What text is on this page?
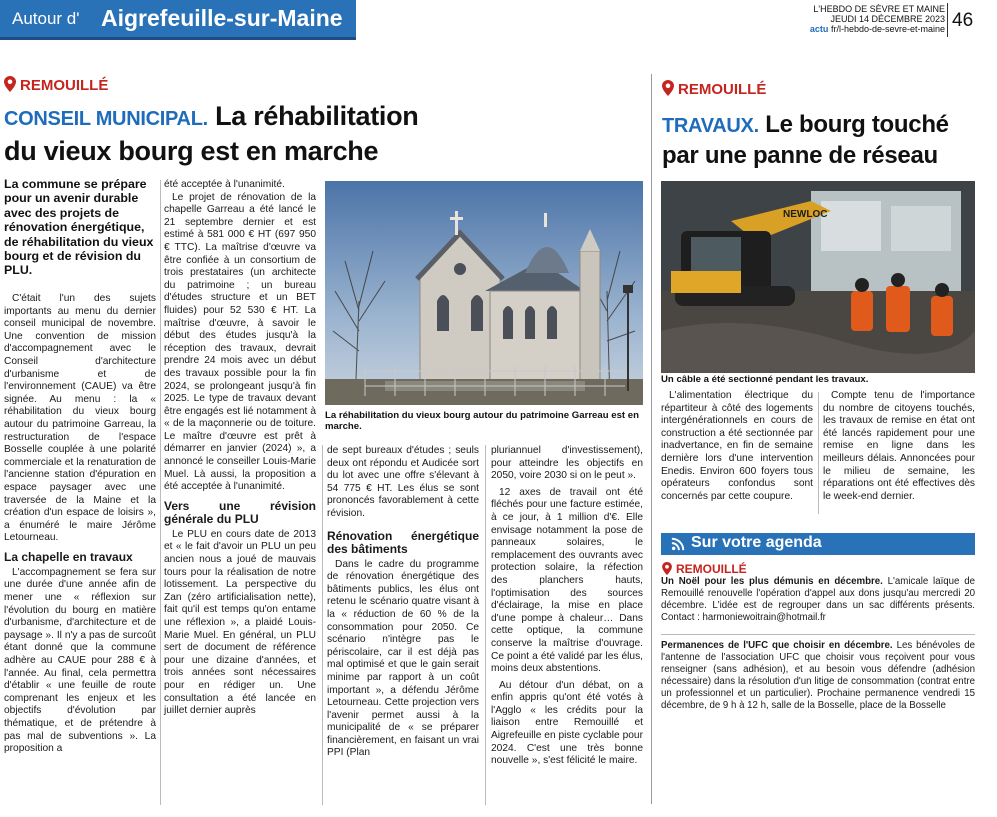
Autour d' Aigrefeuille-sur-Maine	L'HEBDO DE SÈVRE ET MAINE
JEUDI 14 DÉCEMBRE 2023
actu fr/l-hebdo-de-sevre-et-maine 46
REMOUILLÉ
CONSEIL MUNICIPAL. La réhabilitation
du vieux bourg est en marche
La commune se prépare pour un avenir durable avec des projets de rénovation énergétique, de réhabilitation du vieux bourg et de révision du PLU.

C'était l'un des sujets importants au menu du dernier conseil municipal de novembre. Une convention de mission d'accompagnement avec le Conseil d'architecture d'urbanisme et de l'environnement (CAUE) va être signée. Au menu : la « réhabilitation du vieux bourg autour du patrimoine Garreau, la restructuration de l'espace Bosselle couplée à une polarité commerciale et la renaturation de l'ancienne station d'épuration en espace paysager avec une traversée de la Maine et la création d'un espace de loisirs », a énuméré le maire Jérôme Letourneau.

La chapelle en travaux

L'accompagnement se fera sur une durée d'une année afin de mener une « réflexion sur l'évolution du bourg en matière d'urbanisme, d'architecture et de paysage ». Il n'y a pas de surcoût étant donné que la commune adhère au CAUE pour 288 € à l'année. Au final, cela permettra d'établir « une feuille de route comprenant les enjeux et les objectifs d'évolution par thématique, et de prétendre à pas mal de subventions ». La proposition a

été acceptée à l'unanimité.

Le projet de rénovation de la chapelle Garreau a été lancé le 21 septembre dernier et est estimé à 581 000 € HT (697 950 € TTC). La maîtrise d'œuvre va être confiée à un consortium de trois prestataires (un architecte du patrimoine ; un bureau d'études structure et un BET fluides) pour 52 530 € HT. La maîtrise d'œuvre, à savoir le début des études jusqu'à la réception des travaux, devrait prendre 24 mois avec un début des travaux possible pour la fin 2024, se prolongeant jusqu'à fin 2025. Le type de travaux devant être engagés est lié notamment à « de la maçonnerie ou de toiture. Le maître d'œuvre est prêt à démarrer en janvier (2024) », a annoncé le conseiller Louis-Marie Muel. Là aussi, la proposition a été acceptée à l'unanimité.

Vers une révision générale du PLU

Le PLU en cours date de 2013 et « le fait d'avoir un PLU un peu ancien nous a joué de mauvais tours pour la réalisation de notre lotissement. La perspective du Zan (zéro artificialisation nette), fait qu'il est temps qu'on entame une réflexion », a plaidé Louis-Marie Muel. En général, un PLU sert de document de référence pour une dizaine d'années, et trois années sont nécessaires pour en rédiger un. Une consultation a été lancée en juillet dernier auprès

La réhabilitation du vieux bourg autour du patrimoine Garreau est en marche.

de sept bureaux d'études ; seuls deux ont répondu et Audicée sort du lot avec une offre s'élevant à 54 775 € HT. Les élus se sont prononcés favorablement à cette révision.

Rénovation énergétique des bâtiments

Dans le cadre du programme de rénovation énergétique des bâtiments publics, les élus ont retenu le scénario quatre visant à la « réduction de 60 % de la consommation pour 2050. Ce scénario n'intègre pas le périscolaire, car il est déjà pas mal optimisé et que le gain serait minime par rapport à un coût important », a défendu Jérôme Letourneau. Cette projection vers l'avenir permet aussi à la municipalité de « se préparer financièrement, en faisant un vrai PPI (Plan

pluriannuel d'investissement), pour atteindre les objectifs en 2050, voire 2030 si on le peut ».

12 axes de travail ont été fléchés pour une facture estimée, à ce jour, à 1 million d'€. Elle envisage notamment la pose de panneaux solaires, le remplacement des ouvrants avec protection solaire, la réfection des planchers hauts, l'optimisation des sources d'éclairage, la mise en place d'une pompe à chaleur… Dans cette optique, la commune conserve la maîtrise d'ouvrage. Ce point a été validé par les élus, moins deux abstentions.

Au détour d'un débat, on a enfin appris qu'ont été votés à l'Agglo « les crédits pour la liaison entre Remouillé et Aigrefeuille en piste cyclable pour 2024. C'est une très bonne nouvelle », s'est félicité le maire.

REMOUILLÉ
TRAVAUX. Le bourg touché
par une panne de réseau
NEWLOC
Un câble a été sectionné pendant les travaux.

L'alimentation électrique du répartiteur à côté des logements intergénérationnels en cours de construction a été sectionnée par inadvertance, en fin de semaine dernière lors d'une intervention Enedis. Environ 600 foyers tous opérateurs confondus sont concernés par cette coupure.

Compte tenu de l'importance du nombre de citoyens touchés, les travaux de remise en état ont été lancés rapidement pour une remise en ligne dans les meilleurs délais. Annoncées pour le milieu de semaine, les réparations ont été effectives dès le week-end dernier.

Sur votre agenda
REMOUILLÉ
Un Noël pour les plus démunis en décembre. L'amicale laïque de Remouillé renouvelle l'opération d'appel aux dons jusqu'au mercredi 20 décembre. L'idée est de regrouper dans un sac différents présents. Contact : harmoniewoitrain@hotmail.fr
Permanences de l'UFC que choisir en décembre. Les bénévoles de l'antenne de l'association UFC que choisir vous reçoivent pour vous renseigner (sans adhésion), et au besoin vous défendre (adhésion nécessaire) dans la résolution d'un litige de consommation (contrat entre un professionnel et un particulier). Prochaine permanence vendredi 15 décembre, de 9 h à 12 h, salle de la Bosselle, place de la Bosselle
